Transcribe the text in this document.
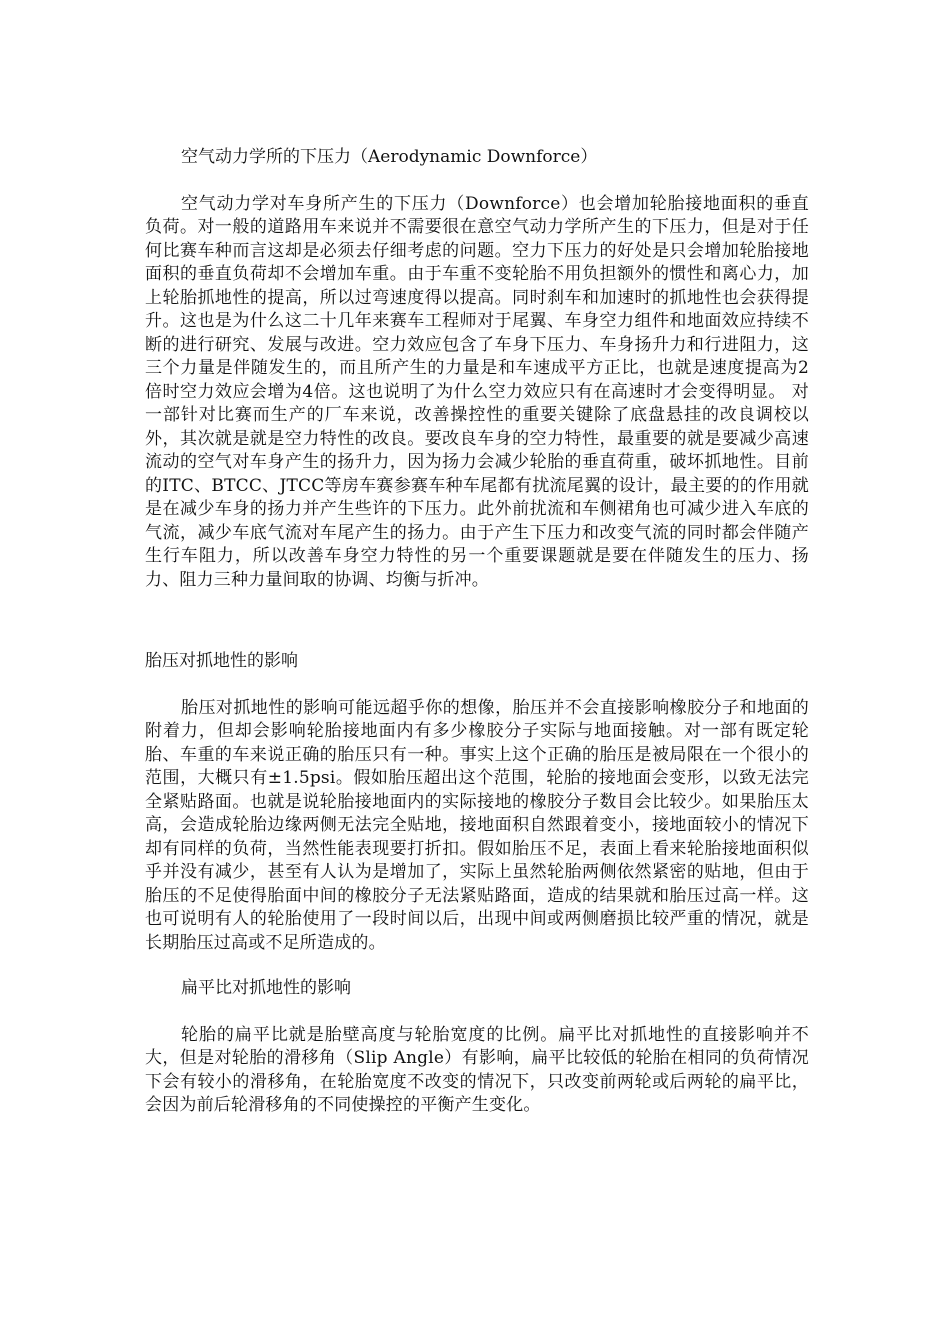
空气动力学所的下压力（Aerodynamic Downforce）

空气动力学对车身所产生的下压力（Downforce）也会增加轮胎接地面积的垂直负荷。对一般的道路用车来说并不需要很在意空气动力学所产生的下压力，但是对于任何比赛车种而言这却是必须去仔细考虑的问题。空力下压力的好处是只会增加轮胎接地面积的垂直负荷却不会增加车重。由于车重不变轮胎不用负担额外的惯性和离心力，加上轮胎抓地性的提高，所以过弯速度得以提高。同时刹车和加速时的抓地性也会获得提升。这也是为什么这二十几年来赛车工程师对于尾翼、车身空力组件和地面效应持续不断的进行研究、发展与改进。空力效应包含了车身下压力、车身扬升力和行进阻力，这三个力量是伴随发生的，而且所产生的力量是和车速成平方正比，也就是速度提高为2倍时空力效应会增为4倍。这也说明了为什么空力效应只有在高速时才会变得明显。 对一部针对比赛而生产的厂车来说，改善操控性的重要关键除了底盘悬挂的改良调校以外，其次就是就是空力特性的改良。要改良车身的空力特性，最重要的就是要减少高速流动的空气对车身产生的扬升力，因为扬力会减少轮胎的垂直荷重，破坏抓地性。目前的ITC、BTCC、JTCC等房车赛参赛车种车尾都有扰流尾翼的设计，最主要的的作用就是在减少车身的扬力并产生些许的下压力。此外前扰流和车侧裙角也可减少进入车底的气流，减少车底气流对车尾产生的扬力。由于产生下压力和改变气流的同时都会伴随产生行车阻力，所以改善车身空力特性的另一个重要课题就是要在伴随发生的压力、扬力、阻力三种力量间取的协调、均衡与折冲。

胎压对抓地性的影响

胎压对抓地性的影响可能远超乎你的想像，胎压并不会直接影响橡胶分子和地面的附着力，但却会影响轮胎接地面内有多少橡胶分子实际与地面接触。对一部有既定轮胎、车重的车来说正确的胎压只有一种。事实上这个正确的胎压是被局限在一个很小的范围，大概只有±1.5psi。假如胎压超出这个范围，轮胎的接地面会变形，以致无法完全紧贴路面。也就是说轮胎接地面内的实际接地的橡胶分子数目会比较少。如果胎压太高，会造成轮胎边缘两侧无法完全贴地，接地面积自然跟着变小，接地面较小的情况下却有同样的负荷，当然性能表现要打折扣。假如胎压不足，表面上看来轮胎接地面积似乎并没有减少，甚至有人认为是增加了，实际上虽然轮胎两侧依然紧密的贴地，但由于胎压的不足使得胎面中间的橡胶分子无法紧贴路面，造成的结果就和胎压过高一样。这也可说明有人的轮胎使用了一段时间以后，出现中间或两侧磨损比较严重的情况，就是长期胎压过高或不足所造成的。

扁平比对抓地性的影响

轮胎的扁平比就是胎壁高度与轮胎宽度的比例。扁平比对抓地性的直接影响并不大，但是对轮胎的滑移角（Slip Angle）有影响，扁平比较低的轮胎在相同的负荷情况下会有较小的滑移角，在轮胎宽度不改变的情况下，只改变前两轮或后两轮的扁平比，会因为前后轮滑移角的不同使操控的平衡产生变化。
